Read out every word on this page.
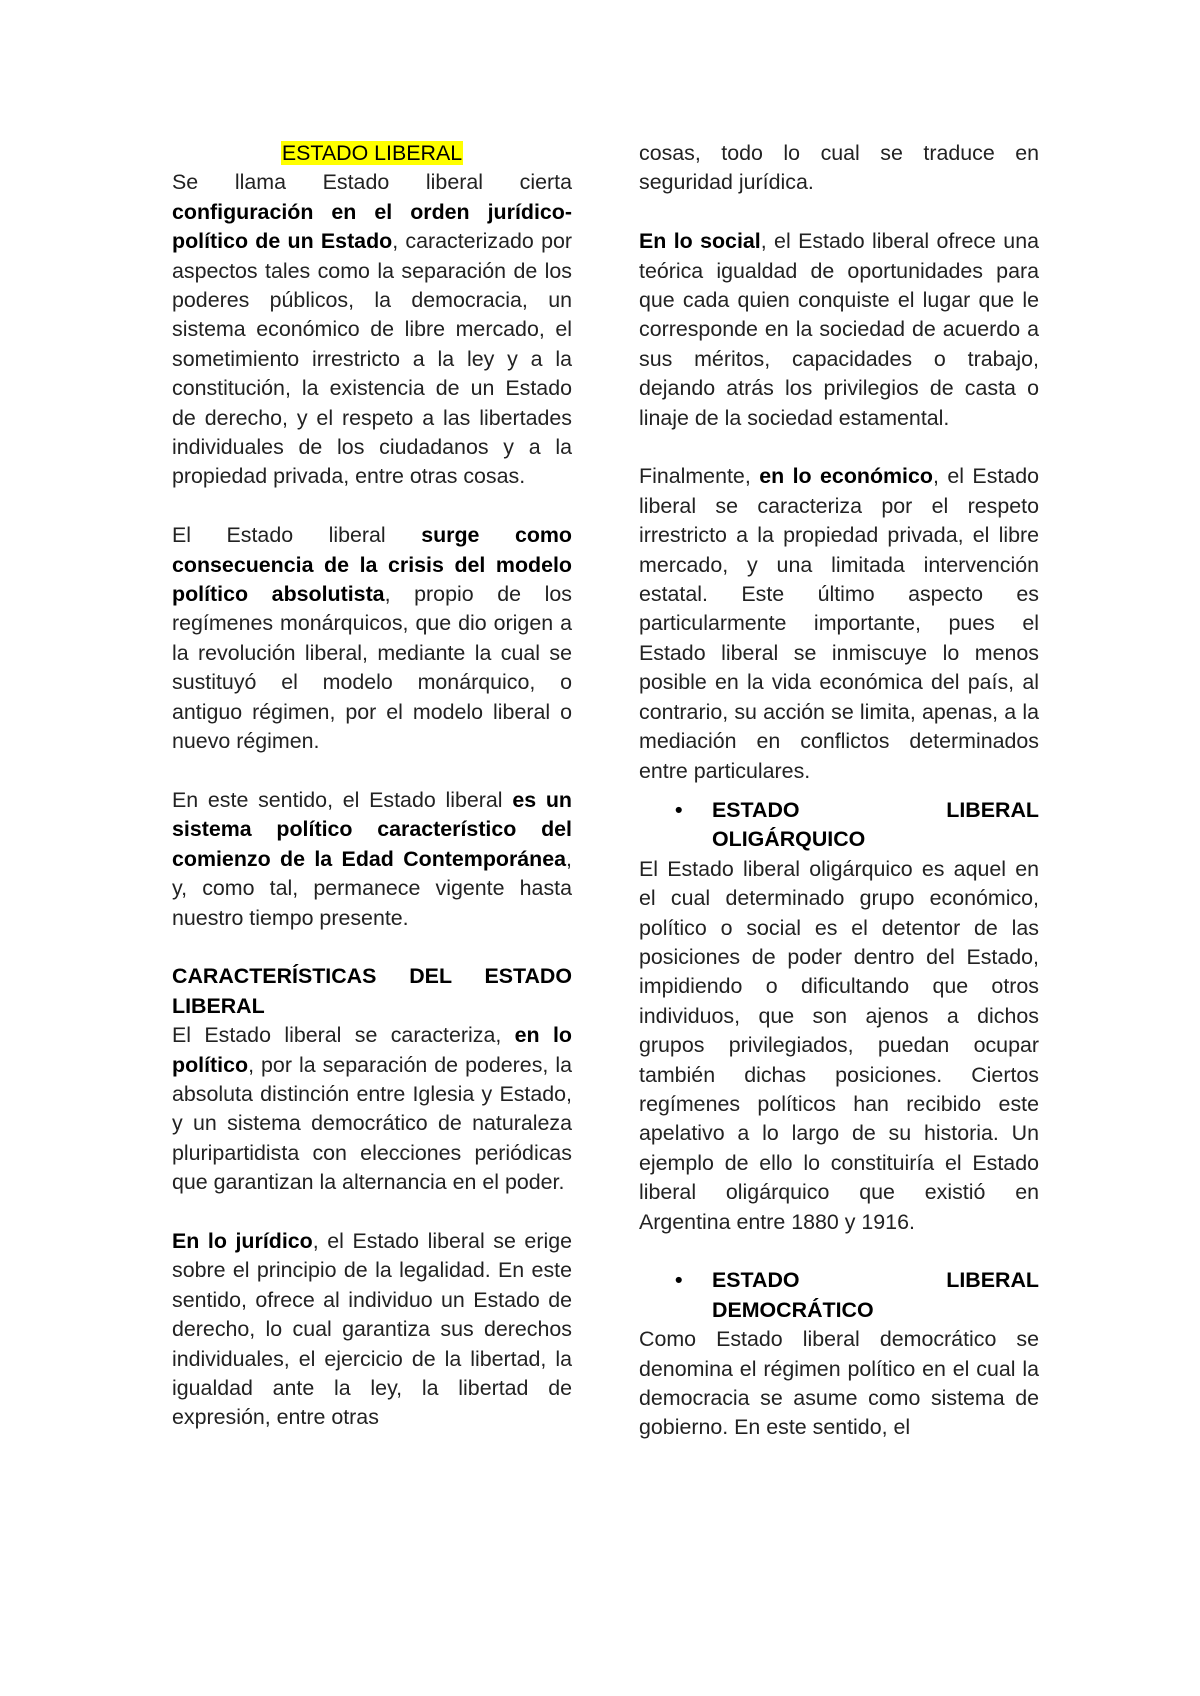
ESTADO LIBERAL

Se llama Estado liberal cierta configuración en el orden jurídico-político de un Estado, caracterizado por aspectos tales como la separación de los poderes públicos, la democracia, un sistema económico de libre mercado, el sometimiento irrestricto a la ley y a la constitución, la existencia de un Estado de derecho, y el respeto a las libertades individuales de los ciudadanos y a la propiedad privada, entre otras cosas.

El Estado liberal surge como consecuencia de la crisis del modelo político absolutista, propio de los regímenes monárquicos, que dio origen a la revolución liberal, mediante la cual se sustituyó el modelo monárquico, o antiguo régimen, por el modelo liberal o nuevo régimen.

En este sentido, el Estado liberal es un sistema político característico del comienzo de la Edad Contemporánea, y, como tal, permanece vigente hasta nuestro tiempo presente.

CARACTERÍSTICAS DEL ESTADO LIBERAL

El Estado liberal se caracteriza, en lo político, por la separación de poderes, la absoluta distinción entre Iglesia y Estado, y un sistema democrático de naturaleza pluripartidista con elecciones periódicas que garantizan la alternancia en el poder.

En lo jurídico, el Estado liberal se erige sobre el principio de la legalidad. En este sentido, ofrece al individuo un Estado de derecho, lo cual garantiza sus derechos individuales, el ejercicio de la libertad, la igualdad ante la ley, la libertad de expresión, entre otras

cosas, todo lo cual se traduce en seguridad jurídica.

En lo social, el Estado liberal ofrece una teórica igualdad de oportunidades para que cada quien conquiste el lugar que le corresponde en la sociedad de acuerdo a sus méritos, capacidades o trabajo, dejando atrás los privilegios de casta o linaje de la sociedad estamental.

Finalmente, en lo económico, el Estado liberal se caracteriza por el respeto irrestricto a la propiedad privada, el libre mercado, y una limitada intervención estatal. Este último aspecto es particularmente importante, pues el Estado liberal se inmiscuye lo menos posible en la vida económica del país, al contrario, su acción se limita, apenas, a la mediación en conflictos determinados entre particulares.

• ESTADO LIBERAL OLIGÁRQUICO

El Estado liberal oligárquico es aquel en el cual determinado grupo económico, político o social es el detentor de las posiciones de poder dentro del Estado, impidiendo o dificultando que otros individuos, que son ajenos a dichos grupos privilegiados, puedan ocupar también dichas posiciones. Ciertos regímenes políticos han recibido este apelativo a lo largo de su historia. Un ejemplo de ello lo constituiría el Estado liberal oligárquico que existió en Argentina entre 1880 y 1916.

• ESTADO LIBERAL DEMOCRÁTICO

Como Estado liberal democrático se denomina el régimen político en el cual la democracia se asume como sistema de gobierno. En este sentido, el
